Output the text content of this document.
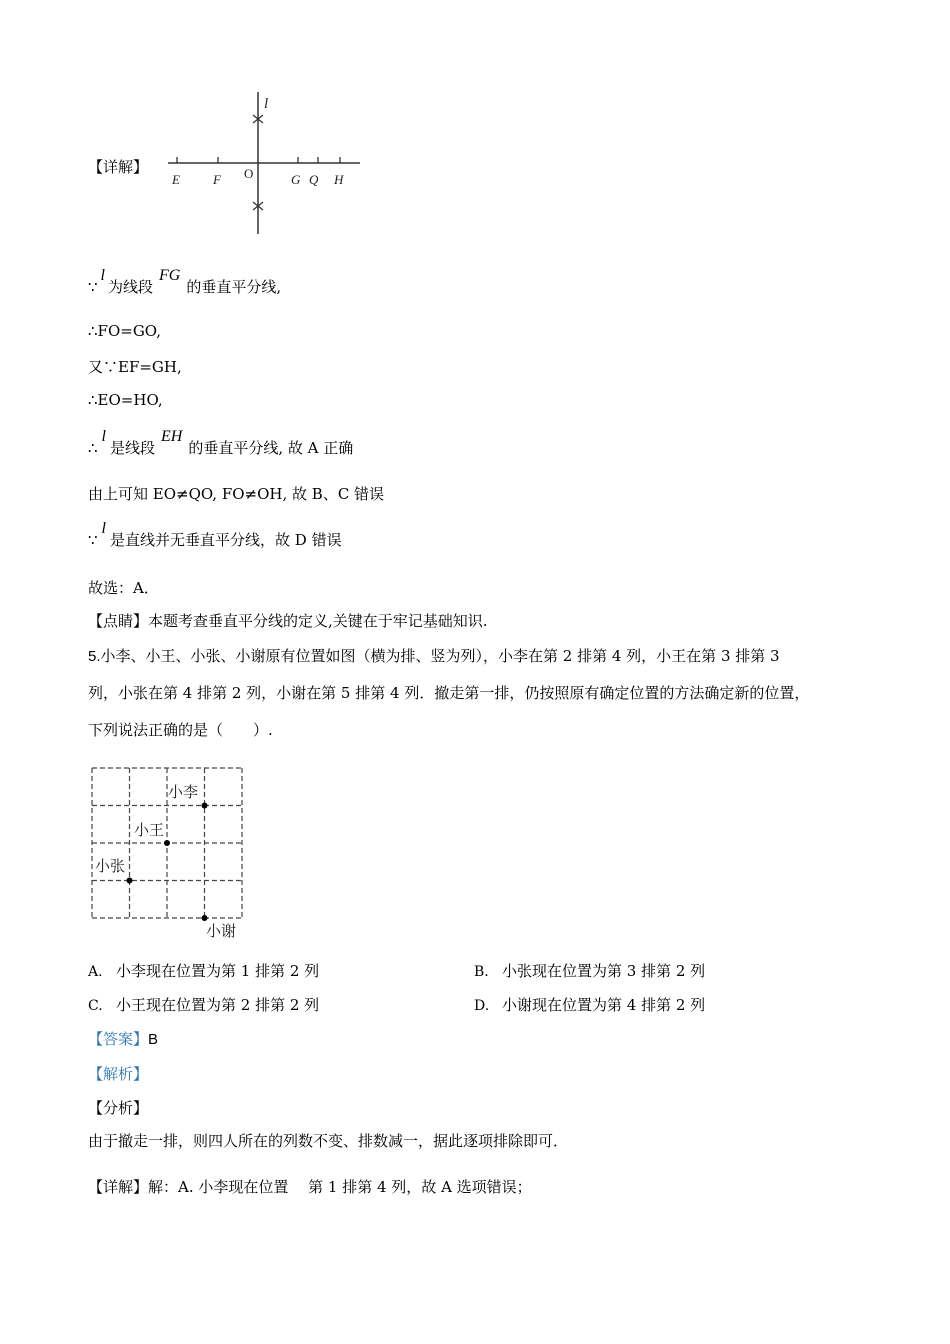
【详解】
l
O
E	F	G Q H
∵l为线段FG的垂直平分线,
∴FO=GO,
又∵EF=GH,
∴EO=HO,
∴l是线段EH的垂直平分线, 故 A 正确
由上可知 EO≠QO, FO≠OH, 故 B、C 错误
∵l是直线并无垂直平分线，故 D 错误
故选：A．
【点睛】本题考查垂直平分线的定义,关键在于牢记基础知识.
5.小李、小王、小张、小谢原有位置如图（横为排、竖为列），小李在第 2 排第 4 列，小王在第 3 排第 3
列，小张在第 4 排第 2 列，小谢在第 5 排第 4 列．撤走第一排，仍按照原有确定位置的方法确定新的位置，
下列说法正确的是（　　）.
小李
小王
小张
小谢
A. 小李现在位置为第 1 排第 2 列	B. 小张现在位置为第 3 排第 2 列
C. 小王现在位置为第 2 排第 2 列	D. 小谢现在位置为第 4 排第 2 列
【答案】B
【解析】
【分析】
由于撤走一排，则四人所在的列数不变、排数减一，据此逐项排除即可．
【详解】解：A. 小李现在位置　 第 1 排第 4 列，故 A 选项错误；
